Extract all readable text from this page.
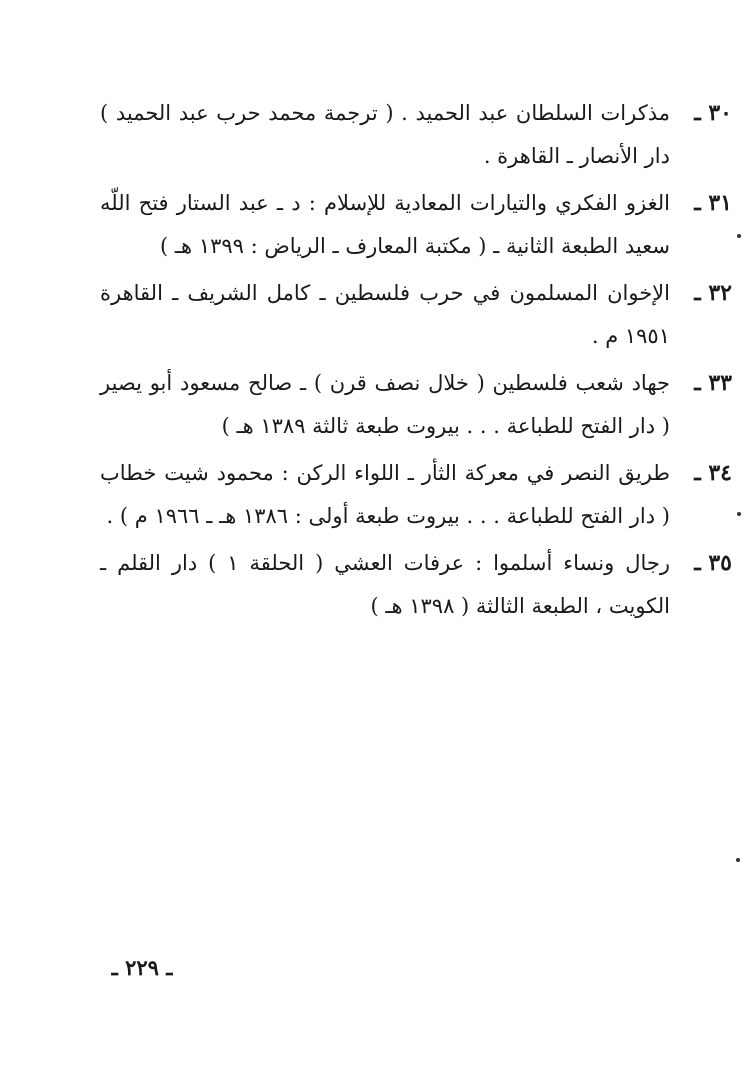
٣٠ ـ
مذكرات السلطان عبد الحميد . ( ترجمة محمد حرب عبد الحميد ) دار الأنصار ـ القاهرة .
٣١ ـ
الغزو الفكري والتيارات المعادية للإسلام : د ـ عبد الستار فتح اللّه سعيد الطبعة الثانية ـ ( مكتبة المعارف ـ الرياض : ١٣٩٩ هـ )
٣٢ ـ
الإخوان المسلمون في حرب فلسطين ـ كامل الشريف ـ القاهرة ١٩٥١ م .
٣٣ ـ
جهاد شعب فلسطين ( خلال نصف قرن ) ـ صالح مسعود أبو يصير ( دار الفتح للطباعة . . . بيروت طبعة ثالثة ١٣٨٩ هـ )
٣٤ ـ
طريق النصر في معركة الثأر ـ اللواء الركن : محمود شيت خطاب ( دار الفتح للطباعة . . . بيروت طبعة أولى : ١٣٨٦ هـ ـ ١٩٦٦ م ) .
٣٥ ـ
رجال ونساء أسلموا : عرفات العشي ( الحلقة ١ ) دار القلم ـ الكويت ، الطبعة الثالثة ( ١٣٩٨ هـ )
ـ ٢٢٩ ـ
